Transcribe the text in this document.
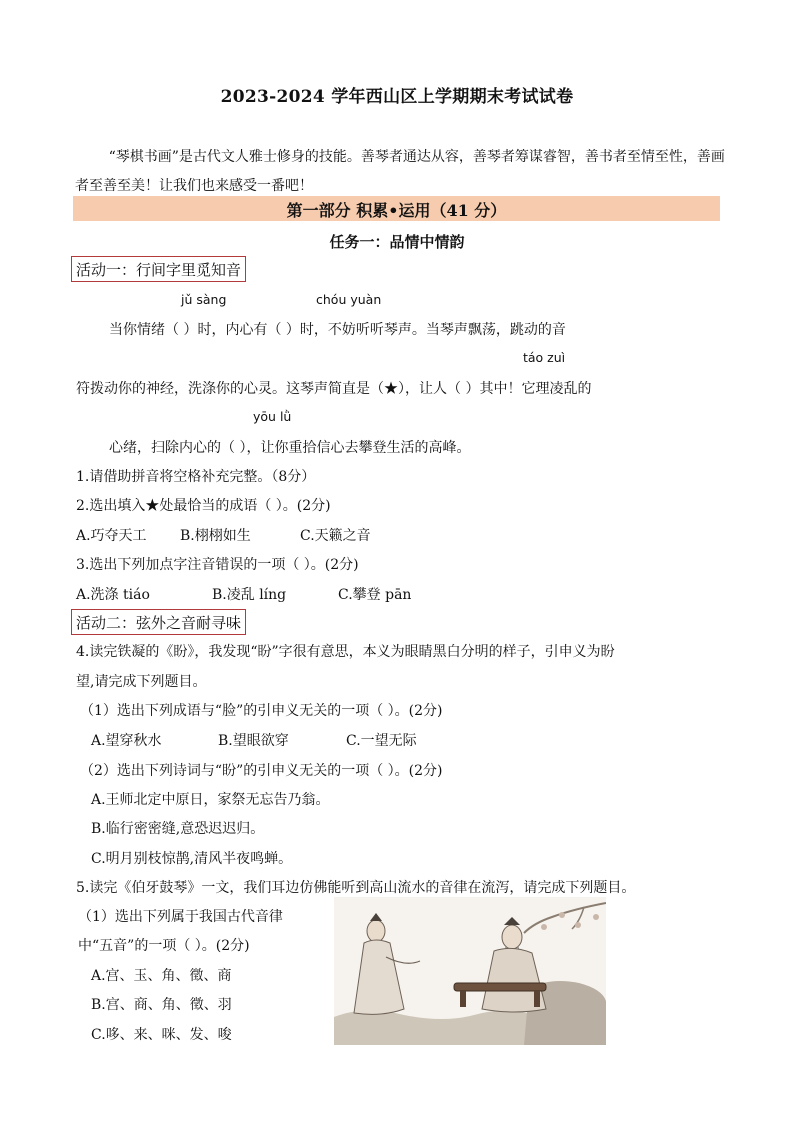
2023-2024 学年西山区上学期期末考试试卷
“琴棋书画”是古代文人雅士修身的技能。善琴者通达从容，善琴者筹谋睿智，善书者至情至性，善画者至善至美！让我们也来感受一番吧！
第一部分 积累•运用（41 分）
任务一：品情中情韵
活动一：行间字里觅知音
jǔ sàng	chóu yuàn
当你情绪（ ）时，内心有（ ）时，不妨听听琴声。当琴声飘荡，跳动的音
táo zuì
符拨动你的神经，洗涤你的心灵。这琴声简直是（★），让人（ ）其中！它理凌乱的
yōu lǜ
心绪，扫除内心的（ ），让你重拾信心去攀登生活的高峰。
1.请借助拼音将空格补充完整。（8分）
2.选出填入★处最恰当的成语（ ）。(2分)
A.巧夺天工 B.栩栩如生	C.天籁之音
3.选出下列加点字注音错误的一项（ ）。(2分)
A.洗涤 tiáo	B.凌乱 líng	C.攀登 pān
活动二：弦外之音耐寻味
4.读完铁凝的《盼》，我发现“盼”字很有意思，本义为眼睛黑白分明的样子，引申义为盼
望,请完成下列题目。
（1）选出下列成语与“脸”的引申义无关的一项（ ）。(2分)
A.望穿秋水	B.望眼欲穿	C.一望无际
（2）选出下列诗词与“盼”的引申义无关的一项（ ）。(2分)
A.王师北定中原日，家祭无忘告乃翁。
B.临行密密缝,意恐迟迟归。
C.明月别枝惊鹊,清风半夜鸣蝉。
5.读完《伯牙鼓琴》一文，我们耳边仿佛能听到高山流水的音律在流泻，请完成下列题目。
（1）选出下列属于我国古代音律
中“五音”的一项（ ）。(2分)
A.宫、玉、角、徵、商
B.宫、商、角、徵、羽
C.哆、来、咪、发、唆
